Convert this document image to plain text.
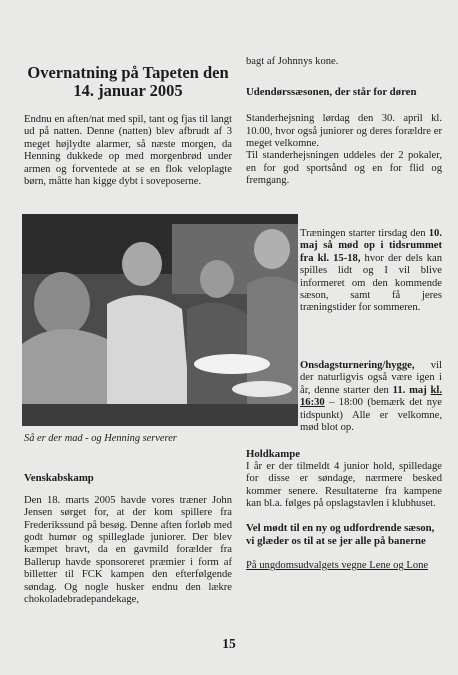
Overnatning på Tapeten den
14. januar 2005

Endnu en aften/nat med spil, tant og fjas til langt ud på natten. Denne (natten) blev afbrudt af 3 meget højlydte alarmer, så næste morgen, da Henning dukkede op med morgenbrød under armen og forventede at se en flok veloplagte børn, måtte han kigge dybt i soveposerne.

bagt af Johnnys kone.

Udendørssæsonen, der står for døren

Standerhejsning lørdag den 30. april kl. 10.00, hvor også juniorer og deres forældre er meget velkomne.

Til standerhejsningen uddeles der 2 pokaler, en for god sportsånd og en for flid og fremgang.

Træningen starter tirsdag den 10. maj så mød op i tidsrummet fra kl. 15-18, hvor der dels kan spilles lidt og I vil blive informeret om den kommende sæson, samt få jeres træningstider for sommeren.

Onsdagsturnering/hygge, vil der naturligvis også være igen i år, denne starter den 11. maj kl. 16:30 – 18:00 (bemærk det nye tidspunkt) Alle er velkomne, mød blot op.

Så er der mad - og Henning serverer

Venskabskamp

Den 18. marts 2005 havde vores træner John Jensen sørget for, at der kom spillere fra Frederikssund på besøg. Denne aften forløb med godt humør og spilleglade juniorer. Der blev kæmpet bravt, da en gavmild forælder fra Ballerup havde sponsoreret præmier i form af billetter til FCK kampen den efterfølgende søndag. Og nogle husker endnu den lækre chokoladebradepandekage,

Holdkampe

I år er der tilmeldt 4 junior hold, spilledage for disse er søndage, nærmere besked kommer senere. Resultaterne fra kampene kan bl.a. følges på opslagstavlen i klubhuset.

Vel mødt til en ny og udfordrende sæson, vi glæder os til at se jer alle på banerne

På ungdomsudvalgets vegne Lene og Lone

15
